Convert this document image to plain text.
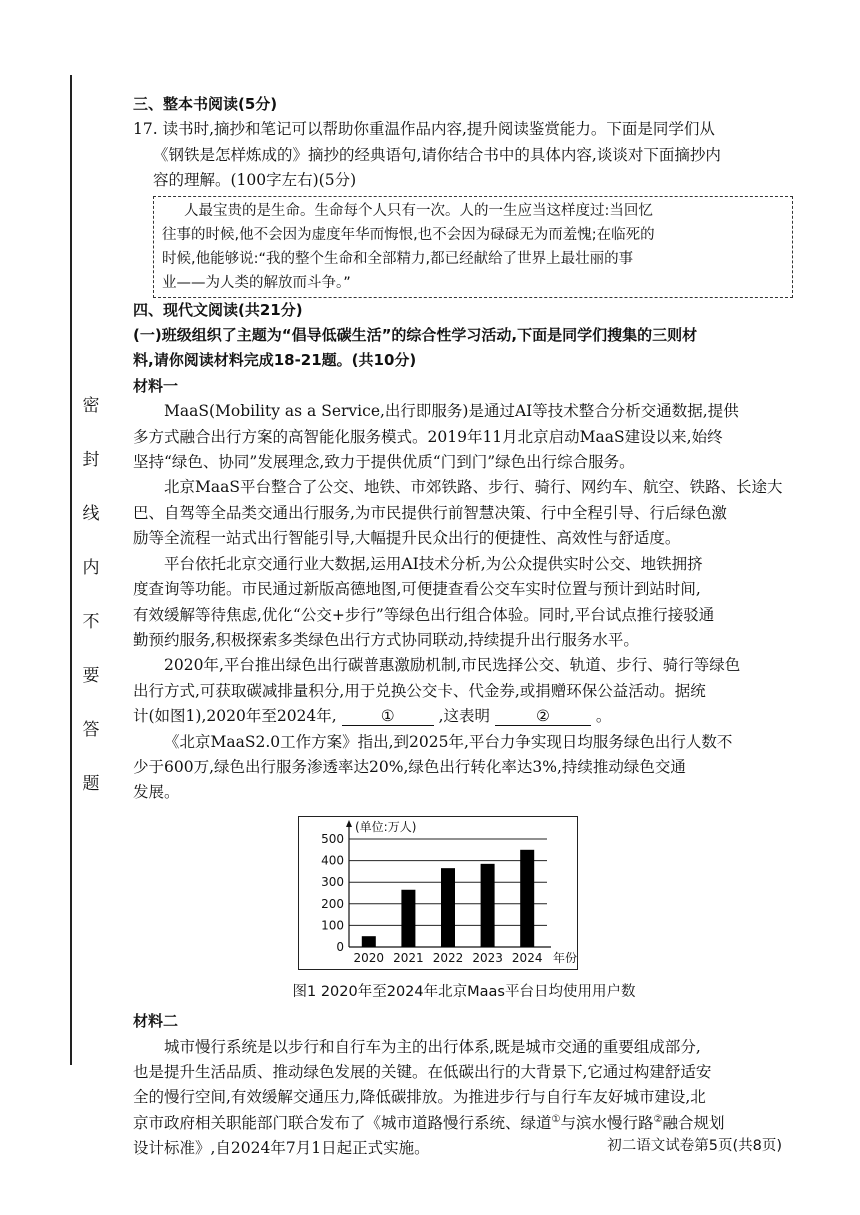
密
封
线
内
不
要
答
题
三、整本书阅读(5分)
17. 读书时,摘抄和笔记可以帮助你重温作品内容,提升阅读鉴赏能力。下面是同学们从
《钢铁是怎样炼成的》摘抄的经典语句,请你结合书中的具体内容,谈谈对下面摘抄内
容的理解。(100字左右)(5分)
人最宝贵的是生命。生命每个人只有一次。人的一生应当这样度过:当回忆
往事的时候,他不会因为虚度年华而悔恨,也不会因为碌碌无为而羞愧;在临死的
时候,他能够说:“我的整个生命和全部精力,都已经献给了世界上最壮丽的事
业——为人类的解放而斗争。”
四、现代文阅读(共21分)
(一)班级组织了主题为“倡导低碳生活”的综合性学习活动,下面是同学们搜集的三则材
料,请你阅读材料完成18-21题。(共10分)
材料一
MaaS(Mobility as a Service,出行即服务)是通过AI等技术整合分析交通数据,提供
多方式融合出行方案的高智能化服务模式。2019年11月北京启动MaaS建设以来,始终
坚持“绿色、协同”发展理念,致力于提供优质“门到门”绿色出行综合服务。
北京MaaS平台整合了公交、地铁、市郊铁路、步行、骑行、网约车、航空、铁路、长途大
巴、自驾等全品类交通出行服务,为市民提供行前智慧决策、行中全程引导、行后绿色激
励等全流程一站式出行智能引导,大幅提升民众出行的便捷性、高效性与舒适度。
平台依托北京交通行业大数据,运用AI技术分析,为公众提供实时公交、地铁拥挤
度查询等功能。市民通过新版高德地图,可便捷查看公交车实时位置与预计到站时间,
有效缓解等待焦虑,优化“公交+步行”等绿色出行组合体验。同时,平台试点推行接驳通
勤预约服务,积极探索多类绿色出行方式协同联动,持续提升出行服务水平。
2020年,平台推出绿色出行碳普惠激励机制,市民选择公交、轨道、步行、骑行等绿色
出行方式,可获取碳减排量积分,用于兑换公交卡、代金券,或捐赠环保公益活动。据统
计(如图1),2020年至2024年,	①	,这表明	②	。
《北京MaaS2.0工作方案》指出,到2025年,平台力争实现日均服务绿色出行人数不
少于600万,绿色出行服务渗透率达20%,绿色出行转化率达3%,持续推动绿色交通
发展。
0
100
200
300
400
500
(单位:万人)
2020 2021 2022 2023 2024 年份
图1 2020年至2024年北京Maas平台日均使用用户数
材料二
城市慢行系统是以步行和自行车为主的出行体系,既是城市交通的重要组成部分,
也是提升生活品质、推动绿色发展的关键。在低碳出行的大背景下,它通过构建舒适安
全的慢行空间,有效缓解交通压力,降低碳排放。为推进步行与自行车友好城市建设,北
京市政府相关职能部门联合发布了《城市道路慢行系统、绿道①与滨水慢行路②融合规划
设计标准》,自2024年7月1日起正式实施。	初二语文试卷第5页(共8页)
